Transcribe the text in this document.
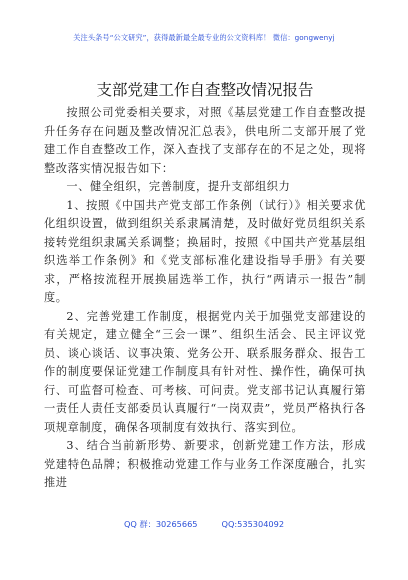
关注头条号“公文研究”，获得最新最全最专业的公文资料库！ 微信：gongwenyj
支部党建工作自查整改情况报告

按照公司党委相关要求，对照《基层党建工作自查整改提升任务存在问题及整改情况汇总表》，供电所二支部开展了党建工作自查整改工作，深入查找了支部存在的不足之处，现将整改落实情况报告如下：

一、健全组织，完善制度，提升支部组织力

1、按照《中国共产党支部工作条例（试行）》相关要求优化组织设置，做到组织关系隶属清楚，及时做好党员组织关系接转党组织隶属关系调整；换届时，按照《中国共产党基层组织选举工作条例》和《党支部标准化建设指导手册》有关要求，严格按流程开展换届选举工作，执行“两请示一报告”制度。

2、完善党建工作制度，根据党内关于加强党支部建设的有关规定，建立健全“三会一课”、组织生活会、民主评议党员、谈心谈话、议事决策、党务公开、联系服务群众、报告工作的制度要保证党建工作制度具有针对性、操作性，确保可执行、可监督可检查、可考核、可问责。党支部书记认真履行第一责任人责任支部委员认真履行“一岗双责”，党员严格执行各项规章制度，确保各项制度有效执行、落实到位。

3、结合当前新形势、新要求，创新党建工作方法，形成党建特色品牌；积极推动党建工作与业务工作深度融合，扎实推进

QQ 群：30265665	QQ:535304092
